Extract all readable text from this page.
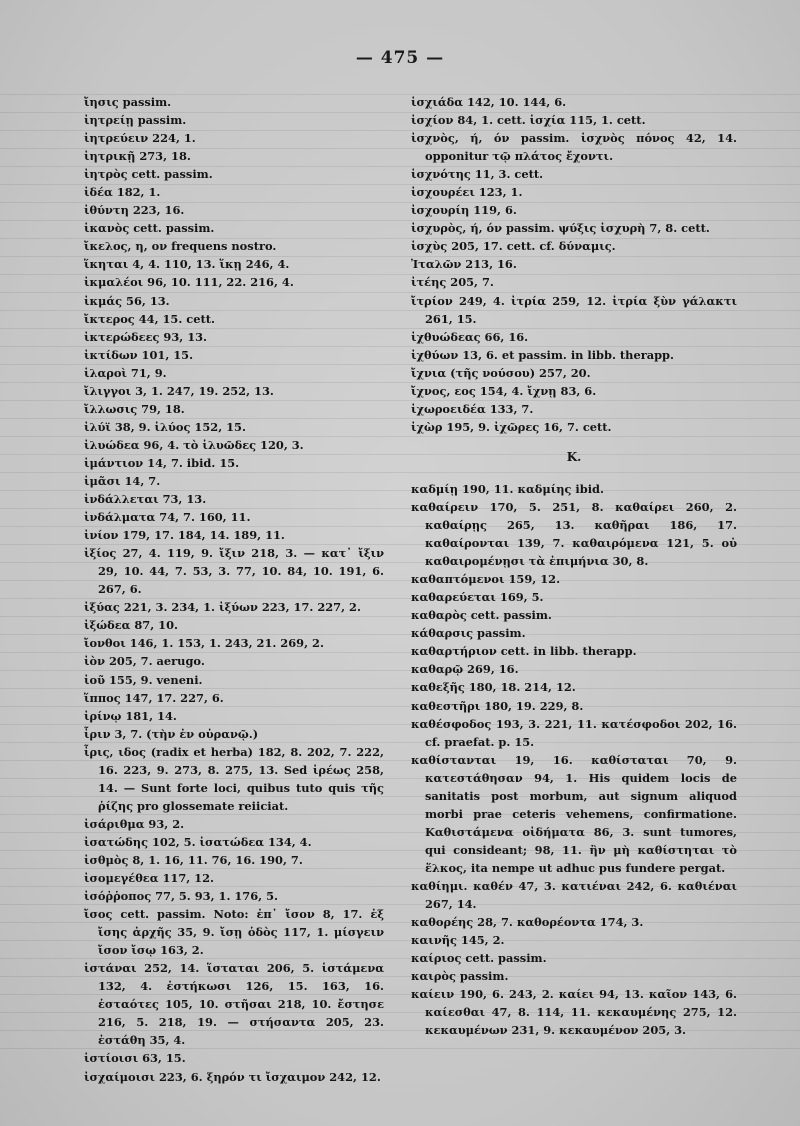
— 475 —

ἴησις passim.

ἰητρείῃ passim.

ἰητρεύειν 224, 1.

ἰητρικῇ 273, 18.

ἰητρὸς cett. passim.

ἰδέα 182, 1.

ἰθύντη 223, 16.

ἱκανὸς cett. passim.

ἴκελος, η, ον frequens nostro.

ἵκηται 4, 4. 110, 13. ἵκῃ 246, 4.

ἰκμαλέοι 96, 10. 111, 22. 216, 4.

ἰκμάς 56, 13.

ἴκτερος 44, 15. cett.

ἰκτερώδεες 93, 13.

ἰκτίδων 101, 15.

ἱλαροὶ 71, 9.

ἴλιγγοι 3, 1. 247, 19. 252, 13.

ἴλλωσις 79, 18.

ἰλύϊ 38, 9. ἰλύος 152, 15.

ἰλυώδεα 96, 4. τὸ ἰλυῶδες 120, 3.

ἱμάντιον 14, 7. ibid. 15.

ἱμᾶσι 14, 7.

ἰνδάλλεται 73, 13.

ἰνδάλματα 74, 7. 160, 11.

ἰνίον 179, 17. 184, 14. 189, 11.

ἰξίος 27, 4. 119, 9. ἴξιν 218, 3. — κατ᾽ ἴξιν 29, 10. 44, 7. 53, 3. 77, 10. 84, 10. 191, 6. 267, 6.

ἰξύας 221, 3. 234, 1. ἰξύων 223, 17. 227, 2.

ἰξώδεα 87, 10.

ἴονθοι 146, 1. 153, 1. 243, 21. 269, 2.

ἰὸν 205, 7. aerugo.

ἰοῦ 155, 9. veneni.

ἵππος 147, 17. 227, 6.

ἰρίνῳ 181, 14.

ἶριν 3, 7. (τὴν ἐν οὐρανῷ.)

ἶρις, ιδος (radix et herba) 182, 8. 202, 7. 222, 16. 223, 9. 273, 8. 275, 13. Sed ἱρέως 258, 14. — Sunt forte loci, quibus tuto quis τῆς ῥίζης pro glossemate reiiciat.

ἰσάριθμα 93, 2.

ἰσατώδης 102, 5. ἰσατώδεα 134, 4.

ἰσθμὸς 8, 1. 16, 11. 76, 16. 190, 7.

ἰσομεγέθεα 117, 12.

ἰσόῤῥοπος 77, 5. 93, 1. 176, 5.

ἴσος cett. passim. Noto: ἐπ᾽ ἴσον 8, 17. ἐξ ἴσης ἀρχῆς 35, 9. ἴσῃ ὁδὸς 117, 1. μίσγειν ἴσον ἴσῳ 163, 2.

ἱστάναι 252, 14. ἵσταται 206, 5. ἱστάμενα 132, 4. ἑστήκωσι 126, 15. 163, 16. ἑσταότες 105, 10. στῆσαι 218, 10. ἔστησε 216, 5. 218, 19. — στήσαντα 205, 23. ἐστάθη 35, 4.

ἱστίοισι 63, 15.

ἰσχαίμοισι 223, 6. ξηρόν τι ἴσχαιμον 242, 12.

ἰσχιάδα 142, 10. 144, 6.

ἰσχίον 84, 1. cett. ἰσχία 115, 1. cett.

ἰσχνὸς, ή, όν passim. ἰσχνὸς πόνος 42, 14. opponitur τῷ πλάτος ἔχοντι.

ἰσχνότης 11, 3. cett.

ἰσχουρέει 123, 1.

ἰσχουρίη 119, 6.

ἰσχυρὸς, ή, όν passim. ψύξις ἰσχυρὴ 7, 8. cett.

ἰσχὺς 205, 17. cett. cf. δύναμις.

Ἰταλῶν 213, 16.

ἰτέης 205, 7.

ἴτρίον 249, 4. ἰτρία 259, 12. ἰτρία ξὺν γάλακτι 261, 15.

ἰχθυώδεας 66, 16.

ἰχθύων 13, 6. et passim. in libb. therapp.

ἴχνια (τῆς νούσου) 257, 20.

ἴχνος, εος 154, 4. ἴχνῃ 83, 6.

ἰχωροειδέα 133, 7.

ἰχὼρ 195, 9. ἰχῶρες 16, 7. cett.

K.

καδμίῃ 190, 11. καδμίης ibid.

καθαίρειν 170, 5. 251, 8. καθαίρει 260, 2. καθαίρῃς 265, 13. καθῆραι 186, 17. καθαίρονται 139, 7. καθαιρόμενα 121, 5. οὐ καθαιρομένῃσι τὰ ἐπιμήνια 30, 8.

καθαπτόμενοι 159, 12.

καθαρεύεται 169, 5.

καθαρὸς cett. passim.

κάθαρσις passim.

καθαρτήριον cett. in libb. therapp.

καθαρῷ 269, 16.

καθεξῆς 180, 18. 214, 12.

καθεστῆρι 180, 19. 229, 8.

καθέσφοδος 193, 3. 221, 11. κατέσφοδοι 202, 16. cf. praefat. p. 15.

καθίστανται 19, 16. καθίσταται 70, 9. κατεστάθησαν 94, 1. His quidem locis de sanitatis post morbum, aut signum aliquod morbi prae ceteris vehemens, confirmatione. Καθιστάμενα οἰδήματα 86, 3. sunt tumores, qui consideant; 98, 11. ἢν μὴ καθίστηται τὸ ἕλκος, ita nempe ut adhuc pus fundere pergat.

καθίημι. καθέν 47, 3. κατιέναι 242, 6. καθιέναι 267, 14.

καθορέης 28, 7. καθορέοντα 174, 3.

καινῆς 145, 2.

καίριος cett. passim.

καιρὸς passim.

καίειν 190, 6. 243, 2. καίει 94, 13. καῖον 143, 6. καίεσθαι 47, 8. 114, 11. κεκαυμένης 275, 12. κεκαυμένων 231, 9. κεκαυμένον 205, 3.
